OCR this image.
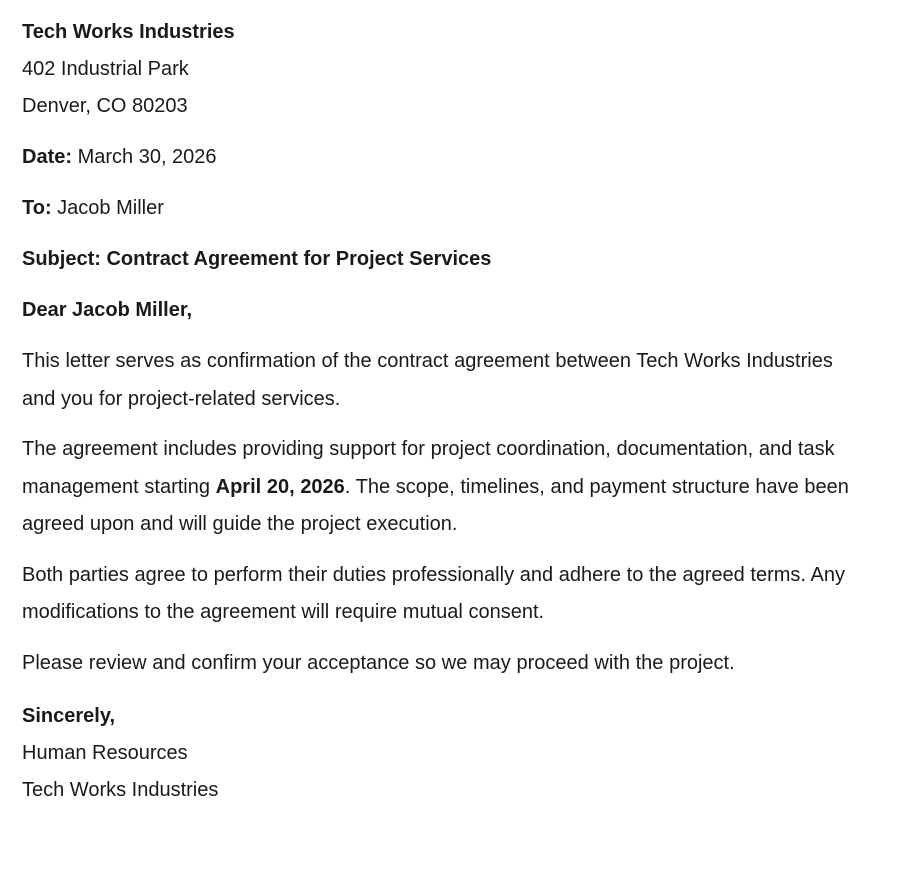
Tech Works Industries
402 Industrial Park
Denver, CO 80203
Date: March 30, 2026
To: Jacob Miller
Subject: Contract Agreement for Project Services
Dear Jacob Miller,

This letter serves as confirmation of the contract agreement between Tech Works Industries and you for project-related services.

The agreement includes providing support for project coordination, documentation, and task management starting April 20, 2026. The scope, timelines, and payment structure have been agreed upon and will guide the project execution.

Both parties agree to perform their duties professionally and adhere to the agreed terms. Any modifications to the agreement will require mutual consent.

Please review and confirm your acceptance so we may proceed with the project.

Sincerely,
Human Resources
Tech Works Industries
